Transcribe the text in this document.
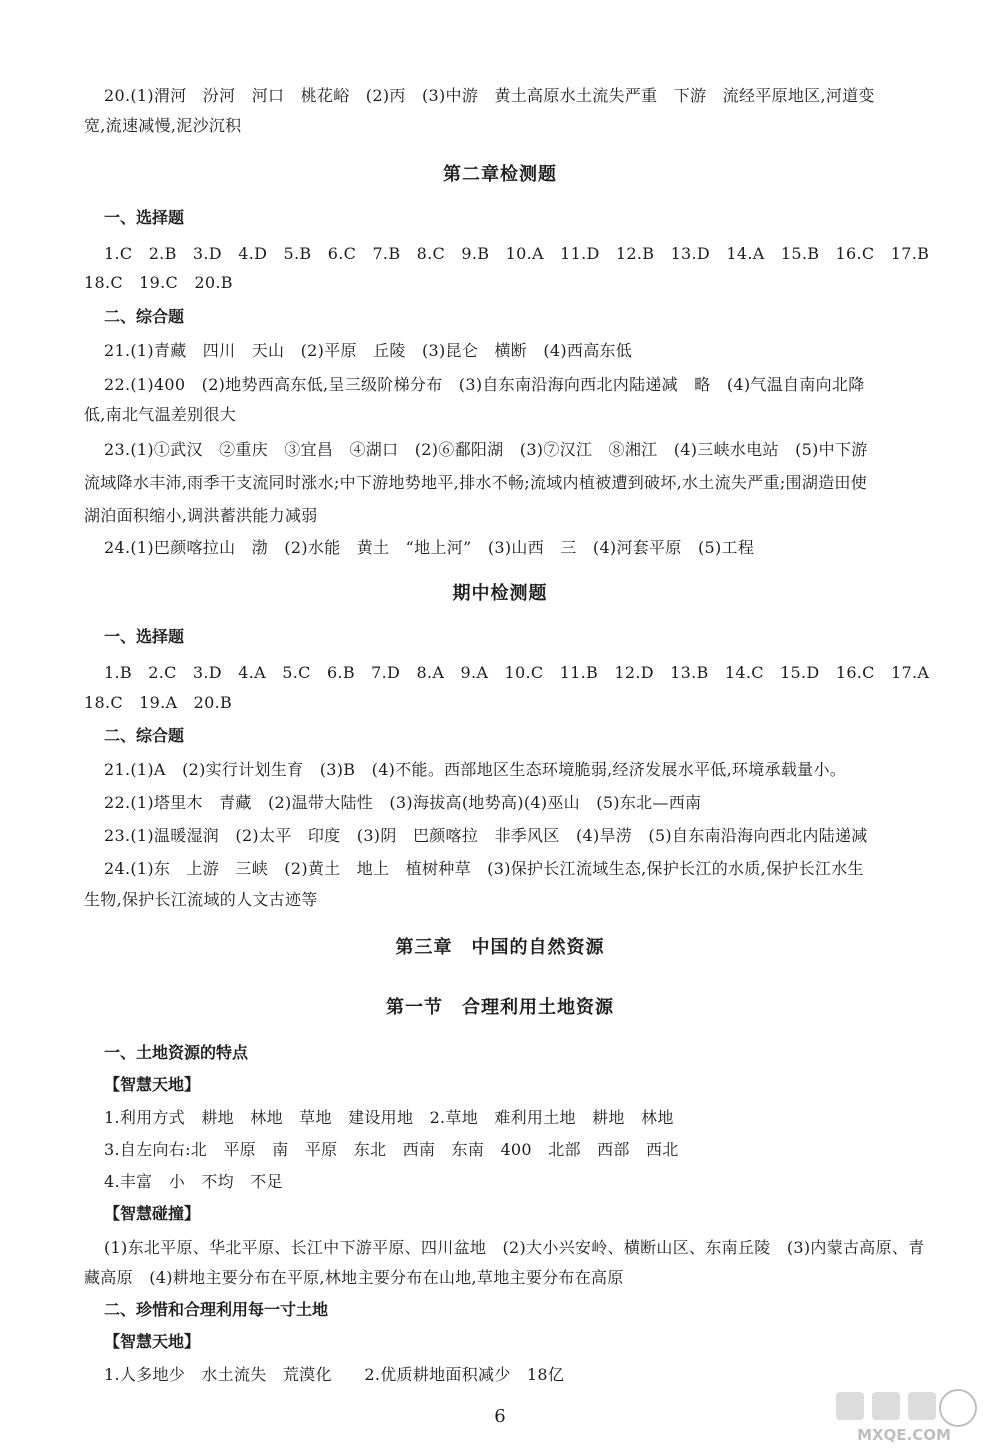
20.(1)渭河　汾河　河口　桃花峪　(2)丙　(3)中游　黄土高原水土流失严重　下游　流经平原地区,河道变
宽,流速减慢,泥沙沉积
第二章检测题
一、选择题
1.C　2.B　3.D　4.D　5.B　6.C　7.B　8.C　9.B　10.A　11.D　12.B　13.D　14.A　15.B　16.C　17.B
18.C　19.C　20.B
二、综合题
21.(1)青藏　四川　天山　(2)平原　丘陵　(3)昆仑　横断　(4)西高东低
22.(1)400　(2)地势西高东低,呈三级阶梯分布　(3)自东南沿海向西北内陆递减　略　(4)气温自南向北降
低,南北气温差别很大
23.(1)①武汉　②重庆　③宜昌　④湖口　(2)⑥鄱阳湖　(3)⑦汉江　⑧湘江　(4)三峡水电站　(5)中下游
流域降水丰沛,雨季干支流同时涨水;中下游地势地平,排水不畅;流域内植被遭到破坏,水土流失严重;围湖造田使
湖泊面积缩小,调洪蓄洪能力减弱
24.(1)巴颜喀拉山　渤　(2)水能　黄土　“地上河”　(3)山西　三　(4)河套平原　(5)工程
期中检测题
一、选择题
1.B　2.C　3.D　4.A　5.C　6.B　7.D　8.A　9.A　10.C　11.B　12.D　13.B　14.C　15.D　16.C　17.A
18.C　19.A　20.B
二、综合题
21.(1)A　(2)实行计划生育　(3)B　(4)不能。西部地区生态环境脆弱,经济发展水平低,环境承载量小。
22.(1)塔里木　青藏　(2)温带大陆性　(3)海拔高(地势高)(4)巫山　(5)东北—西南
23.(1)温暖湿润　(2)太平　印度　(3)阴　巴颜喀拉　非季风区　(4)旱涝　(5)自东南沿海向西北内陆递减
24.(1)东　上游　三峡　(2)黄土　地上　植树种草　(3)保护长江流域生态,保护长江的水质,保护长江水生
生物,保护长江流域的人文古迹等
第三章　中国的自然资源
第一节　合理利用土地资源
一、土地资源的特点
【智慧天地】
1.利用方式　耕地　林地　草地　建设用地　2.草地　难利用土地　耕地　林地
3.自左向右:北　平原　南　平原　东北　西南　东南　400　北部　西部　西北
4.丰富　小　不均　不足
【智慧碰撞】
(1)东北平原、华北平原、长江中下游平原、四川盆地　(2)大小兴安岭、横断山区、东南丘陵　(3)内蒙古高原、青
藏高原　(4)耕地主要分布在平原,林地主要分布在山地,草地主要分布在高原
二、珍惜和合理利用每一寸土地
【智慧天地】
1.人多地少　水土流失　荒漠化　　2.优质耕地面积减少　18亿
6
MXQE.COM
